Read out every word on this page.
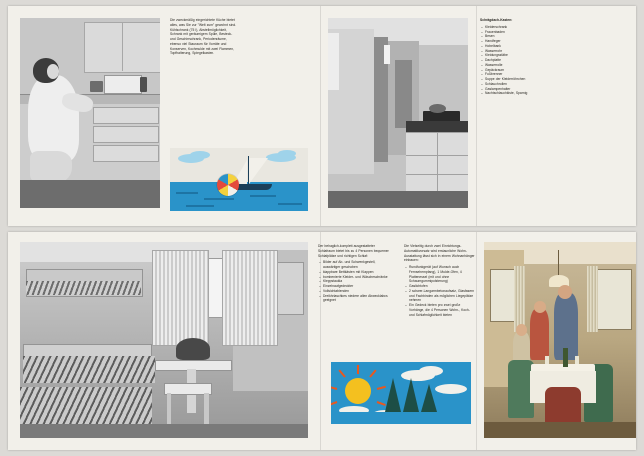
Die zweckmäßig eingerichtete Küche bietet alles, was Sie zur "Welt zum" gewohnt sind. Kühlschrank (75 l), Abstellmöglichkeit, Schrank mit geräumigem Spüle, Besteck- und Geschirrschrank, Periodenräume, ebenso viel Stauraum für Vorräte und Konserven, Kochmulde mit zwei Flammen, Topfhalterung, Spiegelkasten.

Schrägdach-Kasten:
– Kleiderschrank
– Frauenbaden
– Besen
– Handfeger
– Hobelbank
– Wasserrohr
– Kleidungsstäbe
– Dachplatte
– Wasserrolle
– Gepäckraum
– Fußbrenner
– Suppe der Kleiderröhrchen
– Schlauchrollen
– Gaslampenhalter
– Nachtschlauchkiste, Sparnig

Der behaglich-komplett ausgestatteter Schlafraum bietet bis zu 4 Personen bequemer Schlafplätze und richtigen Schlaf:

– Bilder auf Ab- und Schwenkgestell, auswärtiger geschoben
– klappbare Bettkästen mit Klappen
– bombenierte Kleider- und Wäscheschränke
– Kleppstaukla
– Einzelnaufgedeckter
– Vollsichtablenden
– Dreikhrlaschkes niedere allen Abwecklabcs geeignet

Die Vielseitig durch zwei Einrichtungs-Automatikvorsatz wird erstaunliche Wohn-Ausstattung lässt sich in einem Wohnanhänger einbauen:

– Rundfunkgerät (auf Wunsch auch Fernsehempfang), 1 Mulde-Ofen, 4 Plattenessel (mit und ohne Schaumgummipolsterung)
– Gaslichtofen
– 2 schwer-Langarmbetonaufsatz, Glasfasern und Fachbinden als möglichen Liegeplätze nehmen
– Ein Gedeck bieten pro zwei große Vorhänge, die 4 Personen Wohn-, Koch- und Schlafmöglichkeit bieten
